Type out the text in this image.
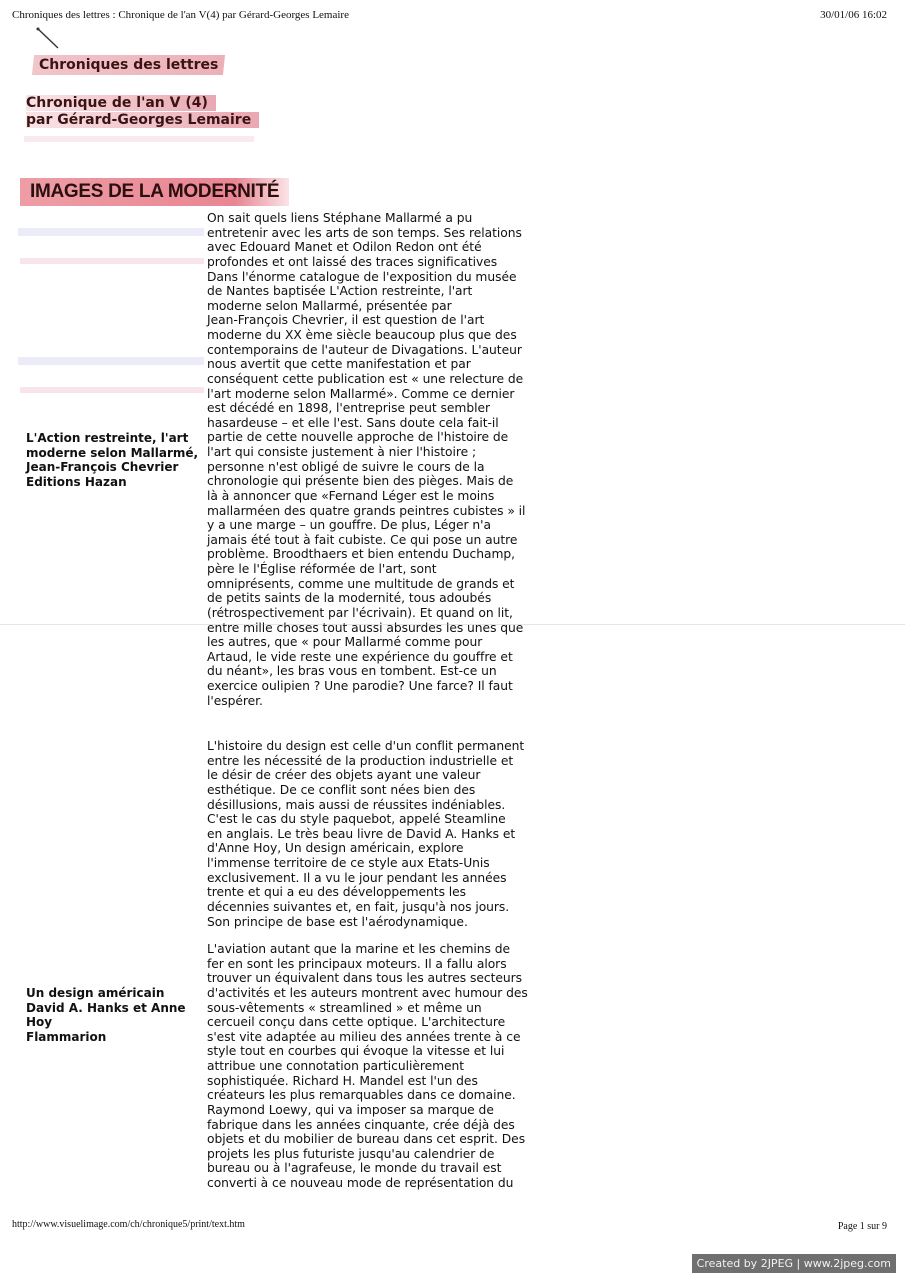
Chroniques des lettres : Chronique de l'an V(4) par Gérard-Georges Lemaire	30/01/06 16:02
Chroniques des lettres
Chronique de l'an V (4)
par Gérard-Georges Lemaire
IMAGES DE LA MODERNITÉ
L'Action restreinte, l'art
moderne selon Mallarmé,
Jean-François Chevrier
Editions Hazan
Un design américain
David A. Hanks et Anne
Hoy
Flammarion
On sait quels liens Stéphane Mallarmé a pu
entretenir avec les arts de son temps. Ses relations
avec Edouard Manet et Odilon Redon ont été
profondes et ont laissé des traces significatives
Dans l'énorme catalogue de l'exposition du musée
de Nantes baptisée L'Action restreinte, l'art
moderne selon Mallarmé, présentée par
Jean-François Chevrier, il est question de l'art
moderne du XX ème siècle beaucoup plus que des
contemporains de l'auteur de Divagations. L'auteur
nous avertit que cette manifestation et par
conséquent cette publication est « une relecture de
l'art moderne selon Mallarmé». Comme ce dernier
est décédé en 1898, l'entreprise peut sembler
hasardeuse – et elle l'est. Sans doute cela fait-il
partie de cette nouvelle approche de l'histoire de
l'art qui consiste justement à nier l'histoire ;
personne n'est obligé de suivre le cours de la
chronologie qui présente bien des pièges. Mais de
là à annoncer que «Fernand Léger est le moins
mallarméen des quatre grands peintres cubistes » il
y a une marge – un gouffre. De plus, Léger n'a
jamais été tout à fait cubiste. Ce qui pose un autre
problème. Broodthaers et bien entendu Duchamp,
père le l'Église réformée de l'art, sont
omniprésents, comme une multitude de grands et
de petits saints de la modernité, tous adoubés
(rétrospectivement par l'écrivain). Et quand on lit,
entre mille choses tout aussi absurdes les unes que
les autres, que « pour Mallarmé comme pour
Artaud, le vide reste une expérience du gouffre et
du néant», les bras vous en tombent. Est-ce un
exercice oulipien ? Une parodie? Une farce? Il faut
l'espérer.
L'histoire du design est celle d'un conflit permanent
entre les nécessité de la production industrielle et
le désir de créer des objets ayant une valeur
esthétique. De ce conflit sont nées bien des
désillusions, mais aussi de réussites indéniables.
C'est le cas du style paquebot, appelé Steamline
en anglais. Le très beau livre de David A. Hanks et
d'Anne Hoy, Un design américain, explore
l'immense territoire de ce style aux Etats-Unis
exclusivement. Il a vu le jour pendant les années
trente et qui a eu des développements les
décennies suivantes et, en fait, jusqu'à nos jours.
Son principe de base est l'aérodynamique.
L'aviation autant que la marine et les chemins de
fer en sont les principaux moteurs. Il a fallu alors
trouver un équivalent dans tous les autres secteurs
d'activités et les auteurs montrent avec humour des
sous-vêtements « streamlined » et même un
cercueil conçu dans cette optique. L'architecture
s'est vite adaptée au milieu des années trente à ce
style tout en courbes qui évoque la vitesse et lui
attribue une connotation particulièrement
sophistiquée. Richard H. Mandel est l'un des
créateurs les plus remarquables dans ce domaine.
Raymond Loewy, qui va imposer sa marque de
fabrique dans les années cinquante, crée déjà des
objets et du mobilier de bureau dans cet esprit. Des
projets les plus futuriste jusqu'au calendrier de
bureau ou à l'agrafeuse, le monde du travail est
converti à ce nouveau mode de représentation du
http://www.visuelimage.com/ch/chronique5/print/text.htm	Page 1 sur 9
Created by 2JPEG | www.2jpeg.com
